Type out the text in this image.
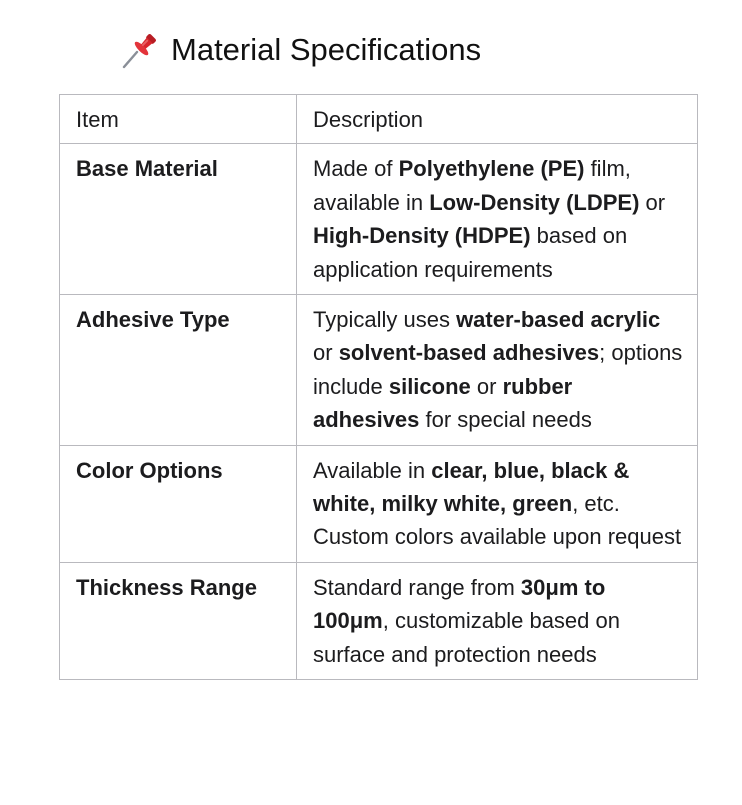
Material Specifications
Item	Description
Base Material	Made of Polyethylene (PE) film, available in Low-Density (LDPE) or High-Density (HDPE) based on application requirements
Adhesive Type	Typically uses water-based acrylic or solvent-based adhesives; options include silicone or rubber adhesives for special needs
Color Options	Available in clear, blue, black & white, milky white, green, etc. Custom colors available upon request
Thickness Range	Standard range from 30μm to 100μm, customizable based on surface and protection needs
